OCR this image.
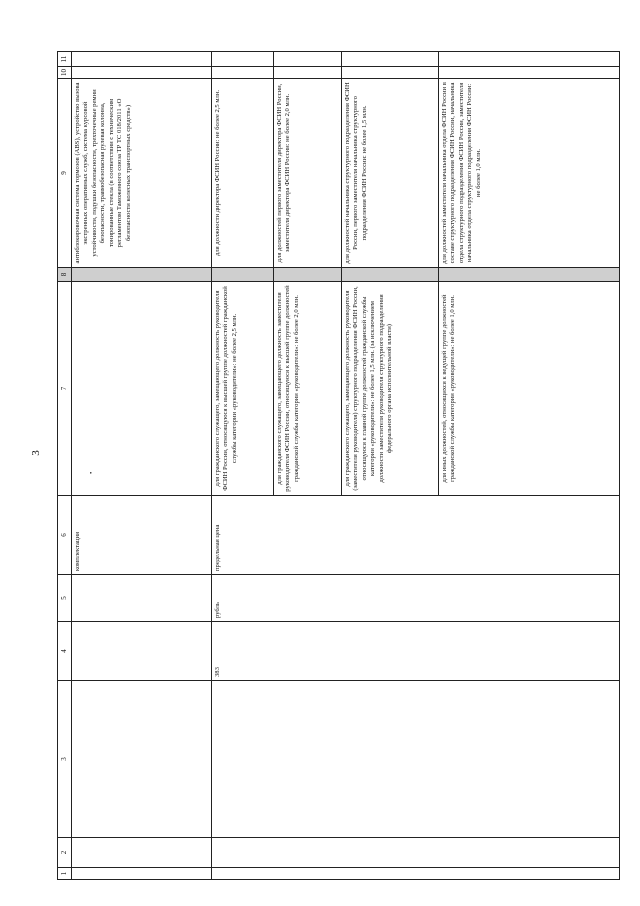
3
1	2	3	4	5	6	7	8	9	10	11
					комплектация	•		антиблокировочная система тормозов (ABS), устройство вызова экстренных оперативных служб, система курсовой устойчивости, подушки безопасности, трехточечные ремни безопасности, травмобезопасная рулевая колонна, тонированные стекла (в соответствии с техническим регламентом Таможенного союза ТР ТС 018/2011 «О безопасности колесных транспортных средств»)		
			383	рубль	предельная цена	для гражданского служащего, замещающего должность руководителя ФСИН России, относящуюся к высшей группе должностей гражданской службы категории «руководители»: не более 2,5 млн.		для должности директора ФСИН России: не более 2,5 млн.		
						для гражданского служащего, замещающего должность заместителя руководителя ФСИН России, относящуюся к высшей группе должностей гражданской службы категории «руководители»: не более 2,0 млн.		для должностей первого заместителя директора ФСИН России, заместителя директора ФСИН России: не более 2,0 млн.		
						для гражданского служащего, замещающего должность руководителя (заместителя руководителя) структурного подразделения ФСИН России, относящуюся к главной группе должностей гражданской службы категории «руководители»: не более 1,5 млн. (за исключением должности заместителя руководителя структурного подразделения федерального органа исполнительной власти)		для должностей начальника структурного подразделения ФСИН России, первого заместителя начальника структурного подразделения ФСИН России: не более 1,5 млн.		
						для иных должностей, относящихся к ведущей группе должностей гражданской службы категории «руководители»: не более 1,0 млн.		для должностей заместителя начальника отдела ФСИН России в составе структурного подразделения ФСИН России, начальника отдела структурного подразделения ФСИН России, заместителя начальника отдела структурного подразделения ФСИН России: не более 1,0 млн.		
